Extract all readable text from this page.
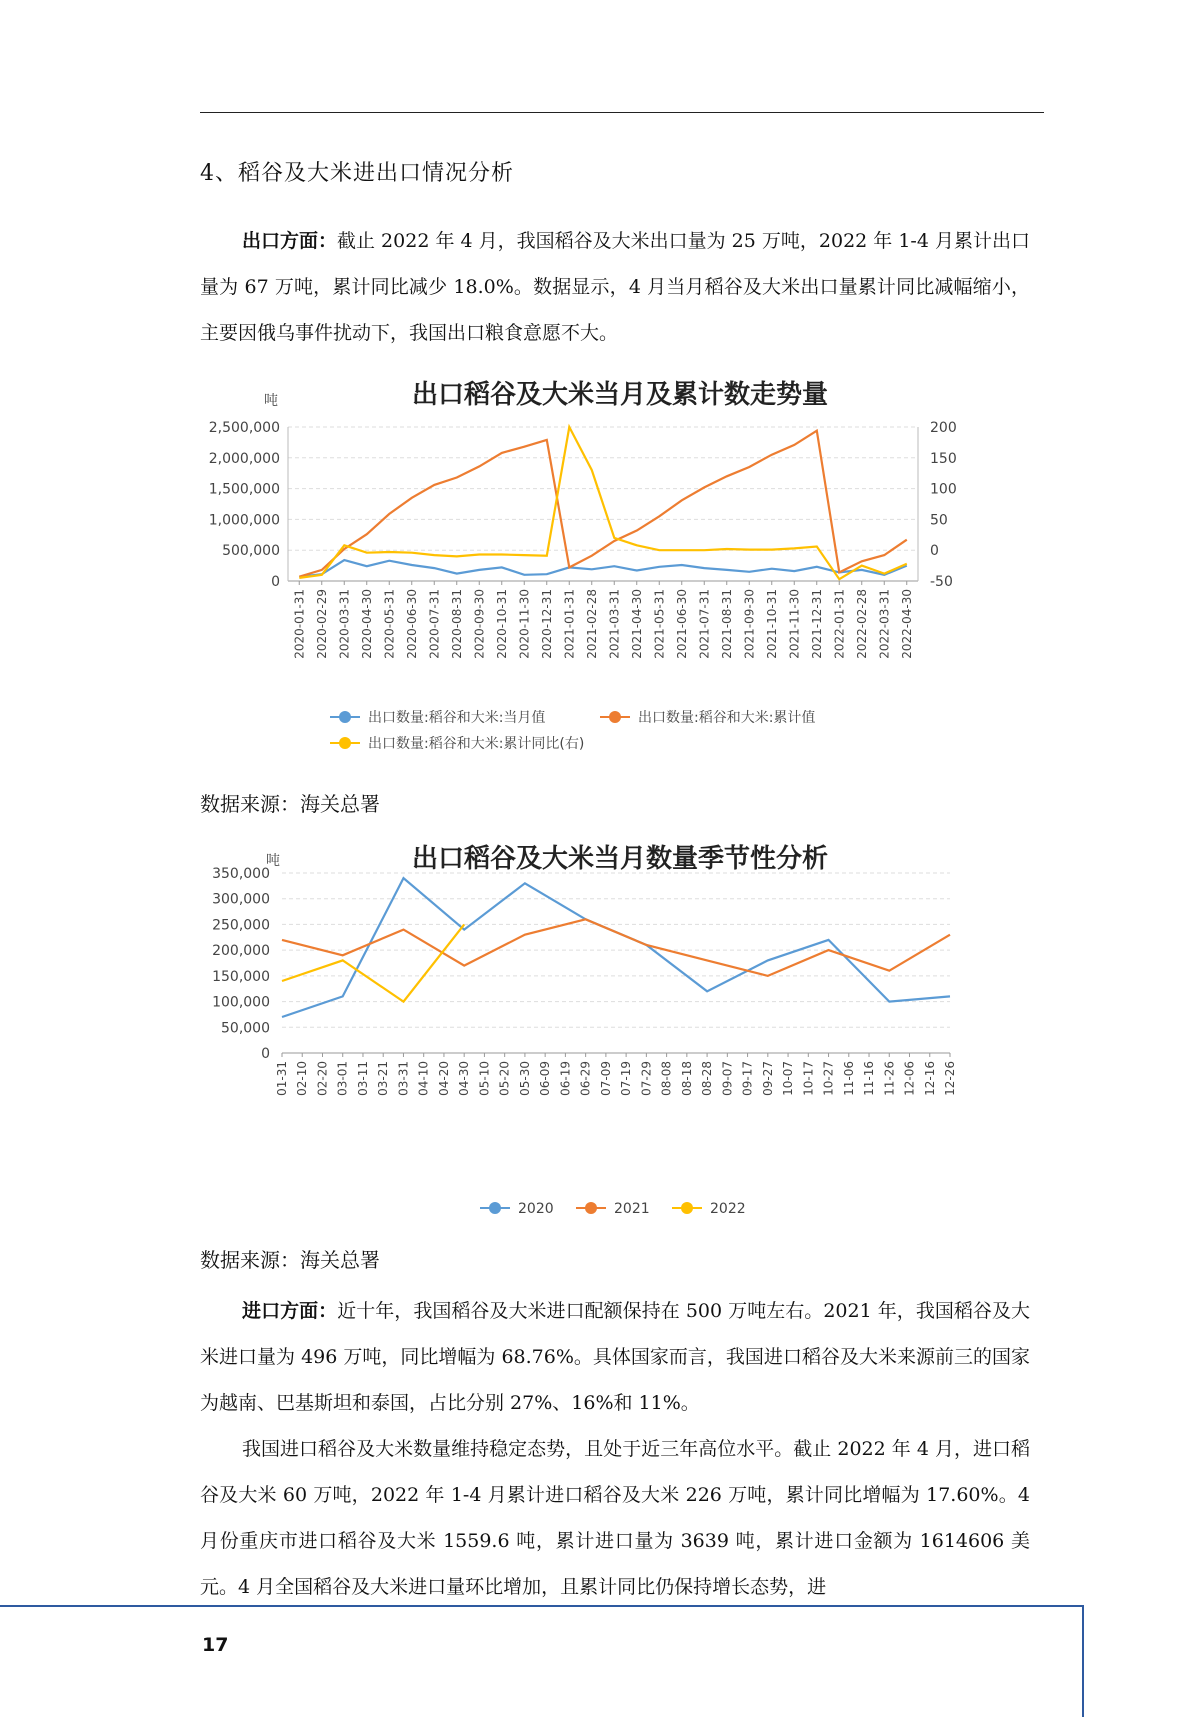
4、稻谷及大米进出口情况分析
出口方面：截止 2022 年 4 月，我国稻谷及大米出口量为 25 万吨，2022 年 1-4 月累计出口量为 67 万吨，累计同比减少 18.0%。数据显示，4 月当月稻谷及大米出口量累计同比减幅缩小，主要因俄乌事件扰动下，我国出口粮食意愿不大。
出口稻谷及大米当月及累计数走势量
吨
0
500,000
1,000,000
1,500,000
2,000,000
2,500,000
-50
0
50
100
150
200
2020-01-31 2020-02-29 2020-03-31 2020-04-30 2020-05-31 2020-06-30 2020-07-31 2020-08-31 2020-09-30 2020-10-31 2020-11-30 2020-12-31 2021-01-31 2021-02-28 2021-03-31 2021-04-30 2021-05-31 2021-06-30 2021-07-31 2021-08-31 2021-09-30 2021-10-31 2021-11-30 2021-12-31 2022-01-31 2022-02-28 2022-03-31 2022-04-30
出口数量:稻谷和大米:当月值	出口数量:稻谷和大米:累计值
出口数量:稻谷和大米:累计同比(右)
数据来源：海关总署
出口稻谷及大米当月数量季节性分析
吨
0
50,000
100,000
150,000
200,000
250,000
300,000
350,000
01-31 02-10 02-20 03-01 03-11 03-21 03-31 04-10 04-20 04-30 05-10 05-20 05-30 06-09 06-19 06-29 07-09 07-19 07-29 08-08 08-18 08-28 09-07 09-17 09-27 10-07 10-17 10-27 11-06 11-16 11-26 12-06 12-16 12-26
2020	2021	2022
数据来源：海关总署
进口方面：近十年，我国稻谷及大米进口配额保持在 500 万吨左右。2021 年，我国稻谷及大米进口量为 496 万吨，同比增幅为 68.76%。具体国家而言，我国进口稻谷及大米来源前三的国家为越南、巴基斯坦和泰国，占比分别 27%、16%和 11%。
我国进口稻谷及大米数量维持稳定态势，且处于近三年高位水平。截止 2022 年 4 月，进口稻谷及大米 60 万吨，2022 年 1-4 月累计进口稻谷及大米 226 万吨，累计同比增幅为 17.60%。4 月份重庆市进口稻谷及大米 1559.6 吨，累计进口量为 3639 吨，累计进口金额为 1614606 美元。4 月全国稻谷及大米进口量环比增加，且累计同比仍保持增长态势，进
17
